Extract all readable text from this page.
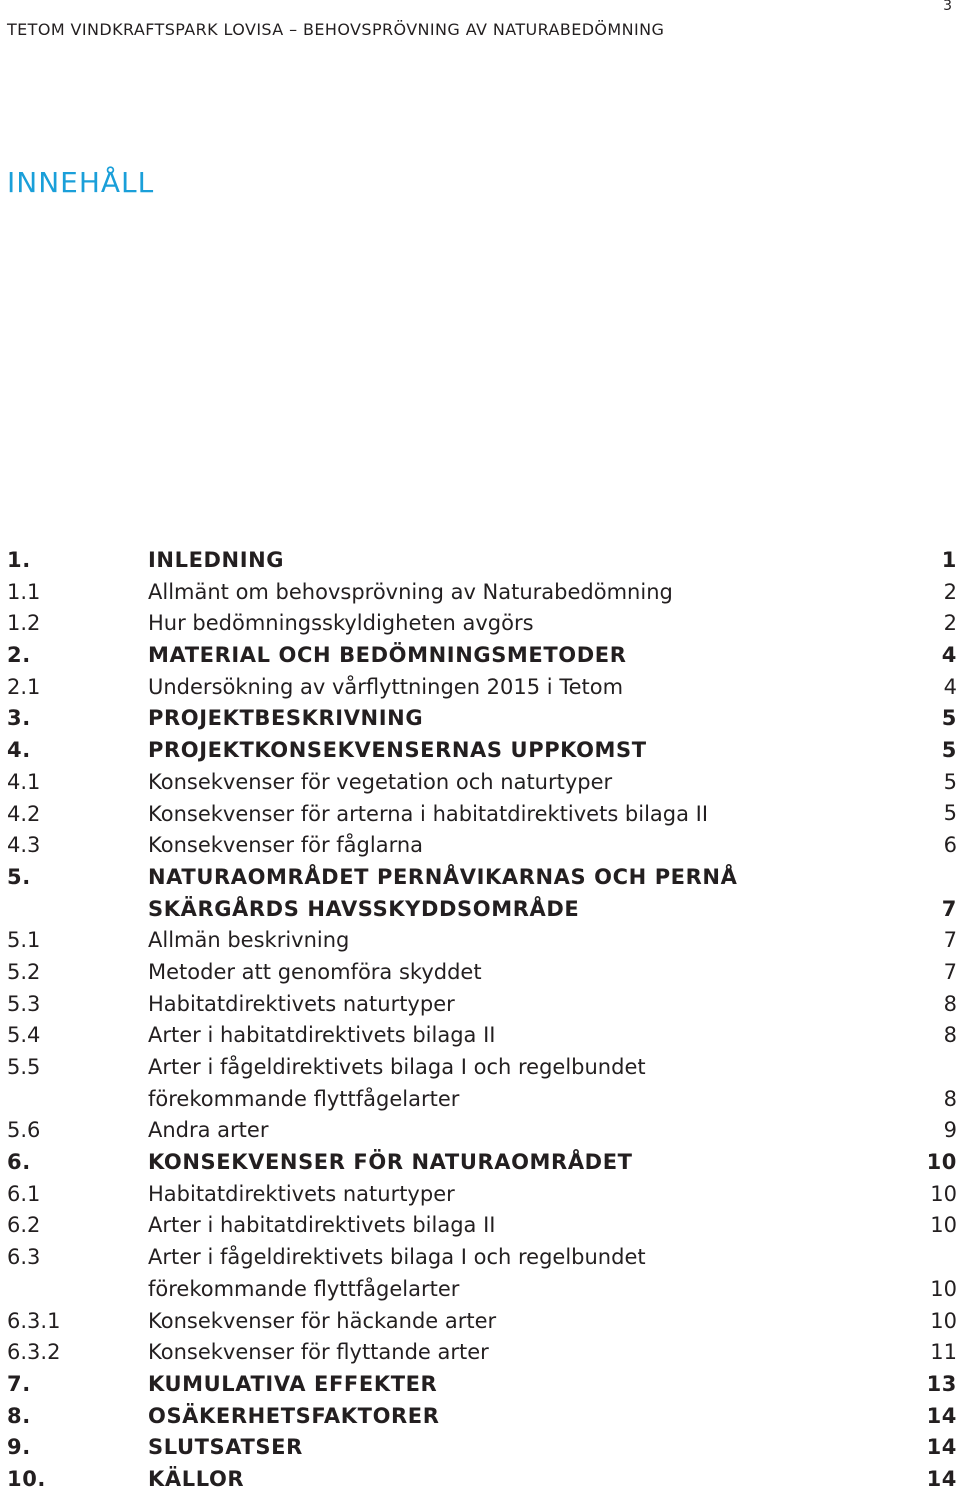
3
TETOM VINDKRAFTSPARK LOVISA – BEHOVSPRÖVNING AV NATURABEDÖMNING
INNEHÅLL
1.	INLEDNING	1
1.1	Allmänt om behovsprövning av Naturabedömning	2
1.2	Hur bedömningsskyldigheten avgörs	2
2.	MATERIAL OCH BEDÖMNINGSMETODER	4
2.1	Undersökning av vårflyttningen 2015 i Tetom	4
3.	PROJEKTBESKRIVNING	5
4.	PROJEKTKONSEKVENSERNAS UPPKOMST	5
4.1	Konsekvenser för vegetation och naturtyper	5
4.2	Konsekvenser för arterna i habitatdirektivets bilaga II	5
4.3	Konsekvenser för fåglarna	6
5.	NATURAOMRÅDET PERNÅVIKARNAS OCH PERNÅ
SKÄRGÅRDS HAVSSKYDDSOMRÅDE	7
5.1	Allmän beskrivning	7
5.2	Metoder att genomföra skyddet	7
5.3	Habitatdirektivets naturtyper	8
5.4	Arter i habitatdirektivets bilaga II	8
5.5	Arter i fågeldirektivets bilaga I och regelbundet
förekommande flyttfågelarter	8
5.6	Andra arter	9
6.	KONSEKVENSER FÖR NATURAOMRÅDET	10
6.1	Habitatdirektivets naturtyper	10
6.2	Arter i habitatdirektivets bilaga II	10
6.3	Arter i fågeldirektivets bilaga I och regelbundet
förekommande flyttfågelarter	10
6.3.1	Konsekvenser för häckande arter	10
6.3.2	Konsekvenser för flyttande arter	11
7.	KUMULATIVA EFFEKTER	13
8.	OSÄKERHETSFAKTORER	14
9.	SLUTSATSER	14
10.	KÄLLOR	14
